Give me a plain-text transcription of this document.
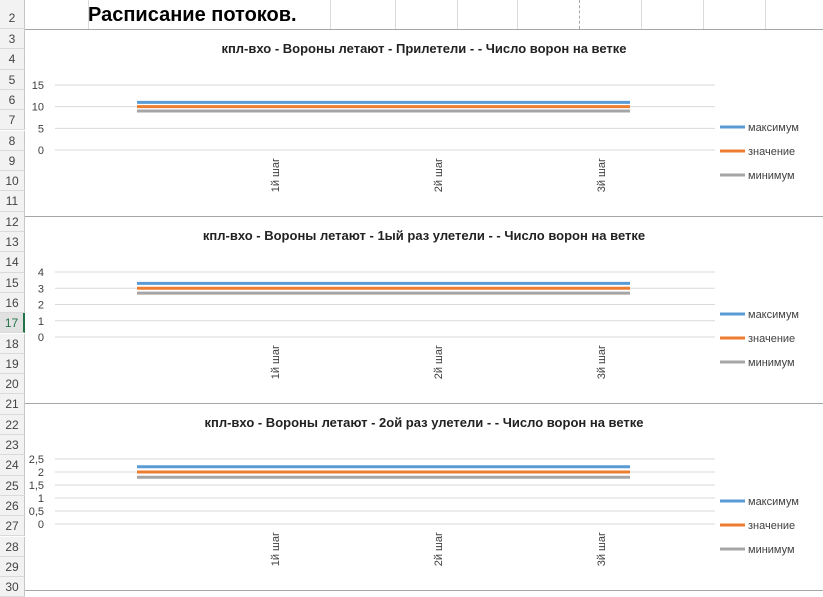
2
3
4
5
6
7
8
9
10
11
12
13
14
15
16
17
18
19
20
21
22
23
24
25
26
27
28
29
30
Расписание потоков.
кпл-вхо - Вороны летают - Прилетели - - Число ворон на ветке
0
5
10
15
1й шаг	2й шаг	3й шаг
максимум
значение
минимум
кпл-вхо - Вороны летают - 1ый раз улетели - - Число ворон на ветке
0
1
2
3
4
1й шаг	2й шаг	3й шаг
максимум
значение
минимум
кпл-вхо - Вороны летают - 2ой раз улетели - - Число ворон на ветке
0
0,5
1
1,5
2
2,5
1й шаг	2й шаг	3й шаг
максимум
значение
минимум
